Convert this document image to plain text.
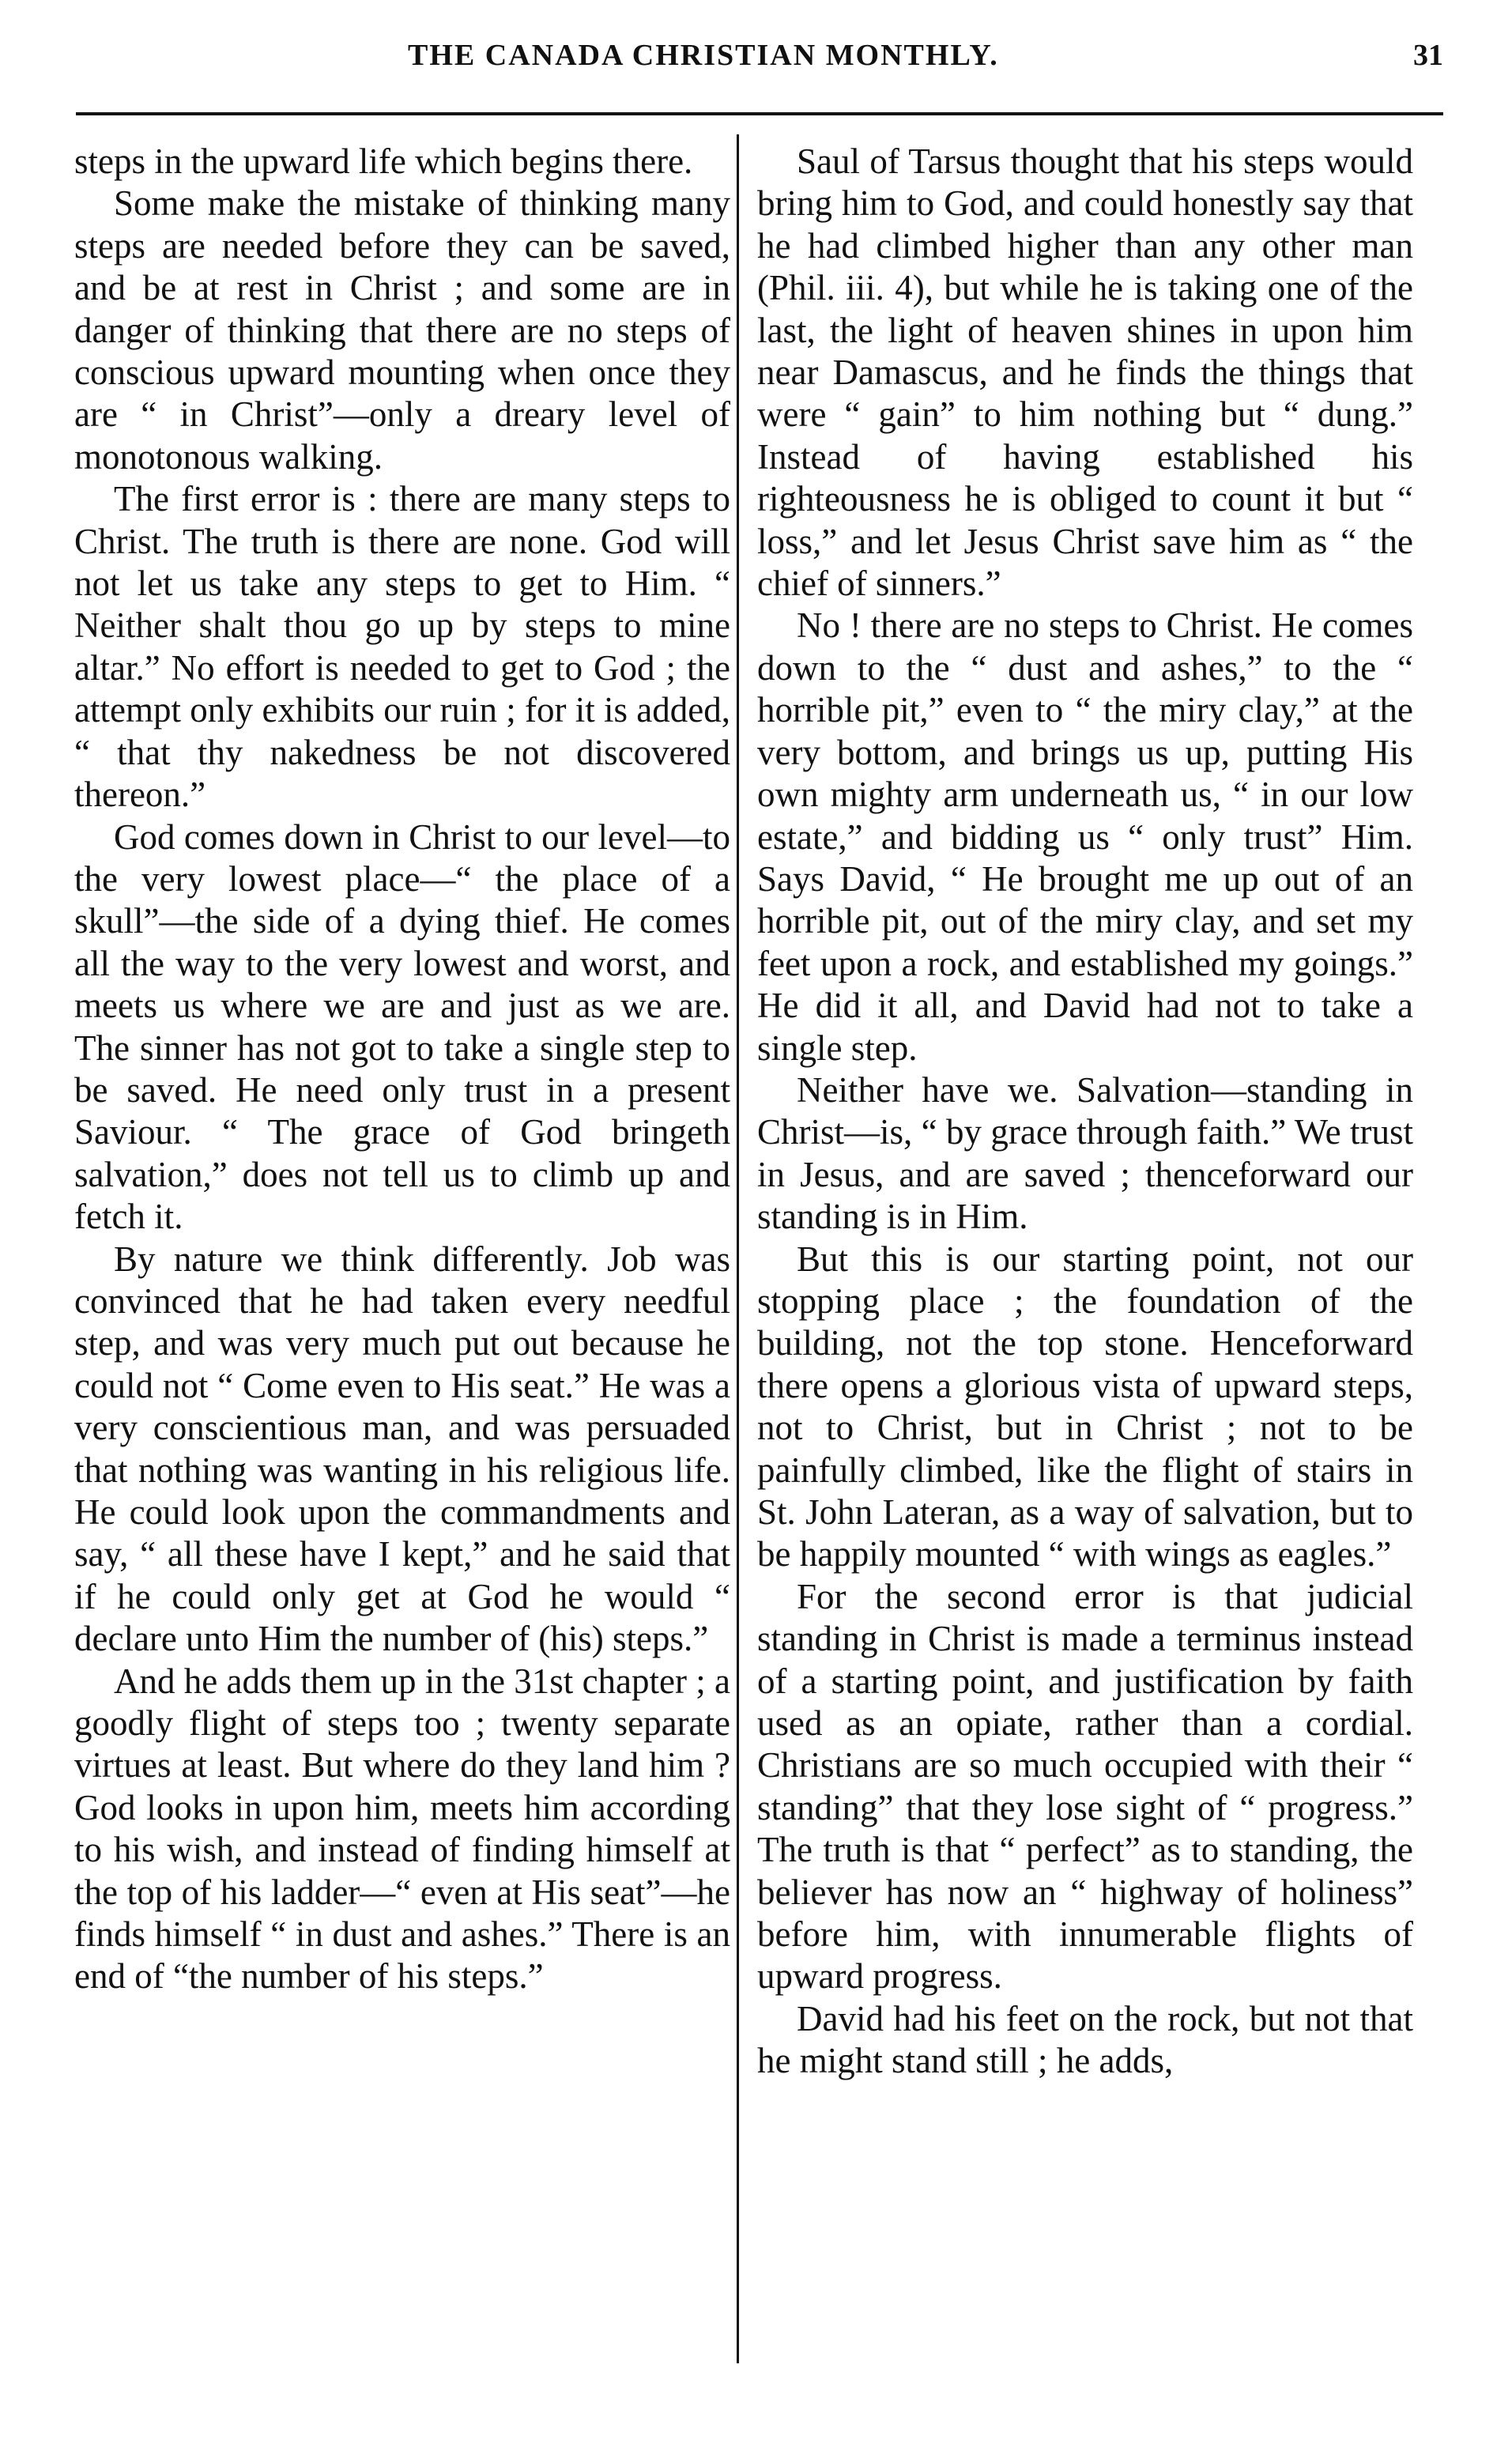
THE CANADA CHRISTIAN MONTHLY.	31

steps in the upward life which begins there.

Some make the mistake of thinking many steps are needed before they can be saved, and be at rest in Christ ; and some are in danger of thinking that there are no steps of conscious upward mounting when once they are “ in Christ”—only a dreary level of monotonous walking.

The first error is : there are many steps to Christ. The truth is there are none. God will not let us take any steps to get to Him. “ Neither shalt thou go up by steps to mine altar.” No effort is needed to get to God ; the attempt only exhibits our ruin ; for it is added, “ that thy nakedness be not discovered thereon.”

God comes down in Christ to our level—to the very lowest place—“ the place of a skull”—the side of a dying thief. He comes all the way to the very lowest and worst, and meets us where we are and just as we are. The sinner has not got to take a single step to be saved. He need only trust in a present Saviour. “ The grace of God bringeth salvation,” does not tell us to climb up and fetch it.

By nature we think differently. Job was convinced that he had taken every needful step, and was very much put out because he could not “ Come even to His seat.” He was a very conscientious man, and was persuaded that nothing was wanting in his religious life. He could look upon the commandments and say, “ all these have I kept,” and he said that if he could only get at God he would “ declare unto Him the number of (his) steps.”

And he adds them up in the 31st chapter ; a goodly flight of steps too ; twenty separate virtues at least. But where do they land him ? God looks in upon him, meets him according to his wish, and instead of finding himself at the top of his ladder—“ even at His seat”—he finds himself “ in dust and ashes.” There is an end of “the number of his steps.”

Saul of Tarsus thought that his steps would bring him to God, and could honestly say that he had climbed higher than any other man (Phil. iii. 4), but while he is taking one of the last, the light of heaven shines in upon him near Damascus, and he finds the things that were “ gain” to him nothing but “ dung.” Instead of having established his righteousness he is obliged to count it but “ loss,” and let Jesus Christ save him as “ the chief of sinners.”

No ! there are no steps to Christ. He comes down to the “ dust and ashes,” to the “ horrible pit,” even to “ the miry clay,” at the very bottom, and brings us up, putting His own mighty arm underneath us, “ in our low estate,” and bidding us “ only trust” Him. Says David, “ He brought me up out of an horrible pit, out of the miry clay, and set my feet upon a rock, and established my goings.” He did it all, and David had not to take a single step.

Neither have we. Salvation—standing in Christ—is, “ by grace through faith.” We trust in Jesus, and are saved ; thenceforward our standing is in Him.

But this is our starting point, not our stopping place ; the foundation of the building, not the top stone. Henceforward there opens a glorious vista of upward steps, not to Christ, but in Christ ; not to be painfully climbed, like the flight of stairs in St. John Lateran, as a way of salvation, but to be happily mounted “ with wings as eagles.”

For the second error is that judicial standing in Christ is made a terminus instead of a starting point, and justification by faith used as an opiate, rather than a cordial. Christians are so much occupied with their “ standing” that they lose sight of “ progress.” The truth is that “ perfect” as to standing, the believer has now an “ highway of holiness” before him, with innumerable flights of upward progress.

David had his feet on the rock, but not that he might stand still ; he adds,
